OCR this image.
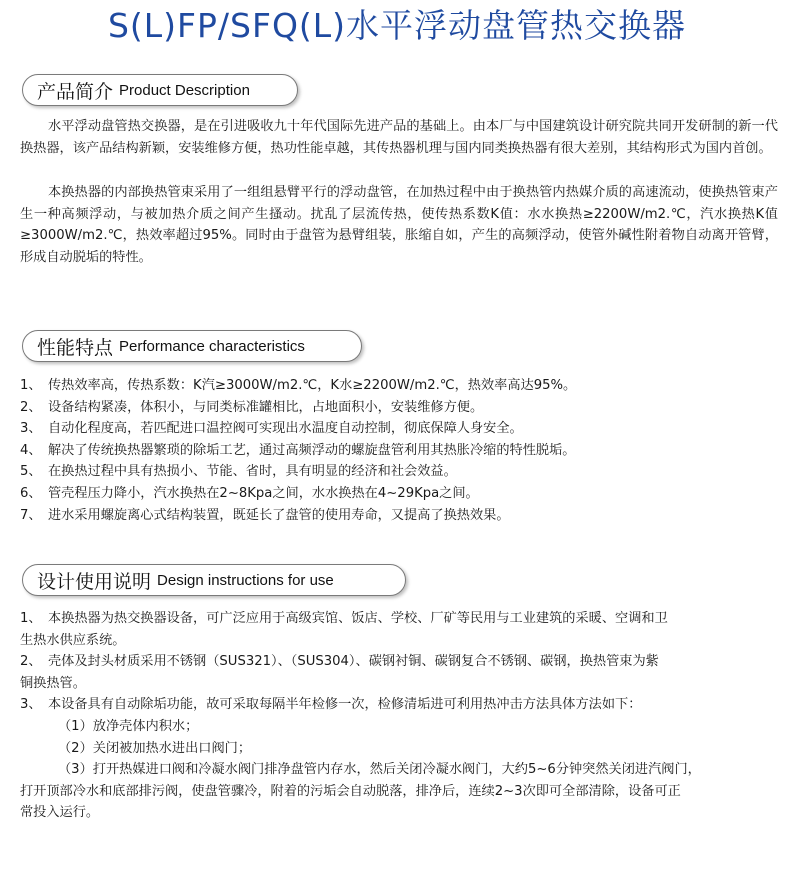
S(L)FP/SFQ(L)水平浮动盘管热交换器
产品简介 Product Description

水平浮动盘管热交换器，是在引进吸收九十年代国际先进产品的基础上。由本厂与中国建筑设计研究院共同开发研制的新一代换热器，该产品结构新颖，安装维修方便，热功性能卓越，其传热器机理与国内同类换热器有很大差别，其结构形式为国内首创。

本换热器的内部换热管束采用了一组组悬臂平行的浮动盘管，在加热过程中由于换热管内热媒介质的高速流动，使换热管束产生一种高频浮动，与被加热介质之间产生搔动。扰乱了层流传热，使传热系数K值：水水换热≥2200W/m2.℃，汽水换热K值≥3000W/m2.℃，热效率超过95%。同时由于盘管为悬臂组装，胀缩自如，产生的高频浮动，使管外碱性附着物自动离开管臂，形成自动脱垢的特性。

性能特点 Performance characteristics
1、 传热效率高，传热系数：K汽≥3000W/m2.℃，K水≥2200W/m2.℃，热效率高达95%。
2、 设备结构紧凑，体积小，与同类标准罐相比，占地面积小，安装维修方便。
3、 自动化程度高，若匹配进口温控阀可实现出水温度自动控制，彻底保障人身安全。
4、 解决了传统换热器繁琐的除垢工艺，通过高频浮动的螺旋盘管利用其热胀冷缩的特性脱垢。
5、 在换热过程中具有热损小、节能、省时，具有明显的经济和社会效益。
6、 管壳程压力降小，汽水换热在2~8Kpa之间，水水换热在4~29Kpa之间。
7、 进水采用螺旋离心式结构装置，既延长了盘管的使用寿命，又提高了换热效果。
设计使用说明 Design instructions for use
1、 本换热器为热交换器设备，可广泛应用于高级宾馆、饭店、学校、厂矿等民用与工业建筑的采暖、空调和卫
生热水供应系统。
2、 壳体及封头材质采用不锈钢（SUS321）、（SUS304）、碳钢衬铜、碳钢复合不锈钢、碳钢，换热管束为紫
铜换热管。
3、 本设备具有自动除垢功能，故可采取每隔半年检修一次，检修清垢进可利用热冲击方法具体方法如下：
（1）放净壳体内积水；
（2）关闭被加热水进出口阀门；
（3）打开热媒进口阀和冷凝水阀门排净盘管内存水，然后关闭冷凝水阀门，大约5~6分钟突然关闭进汽阀门，
打开顶部冷水和底部排污阀，使盘管骤冷，附着的污垢会自动脱落，排净后，连续2~3次即可全部清除，设备可正
常投入运行。
